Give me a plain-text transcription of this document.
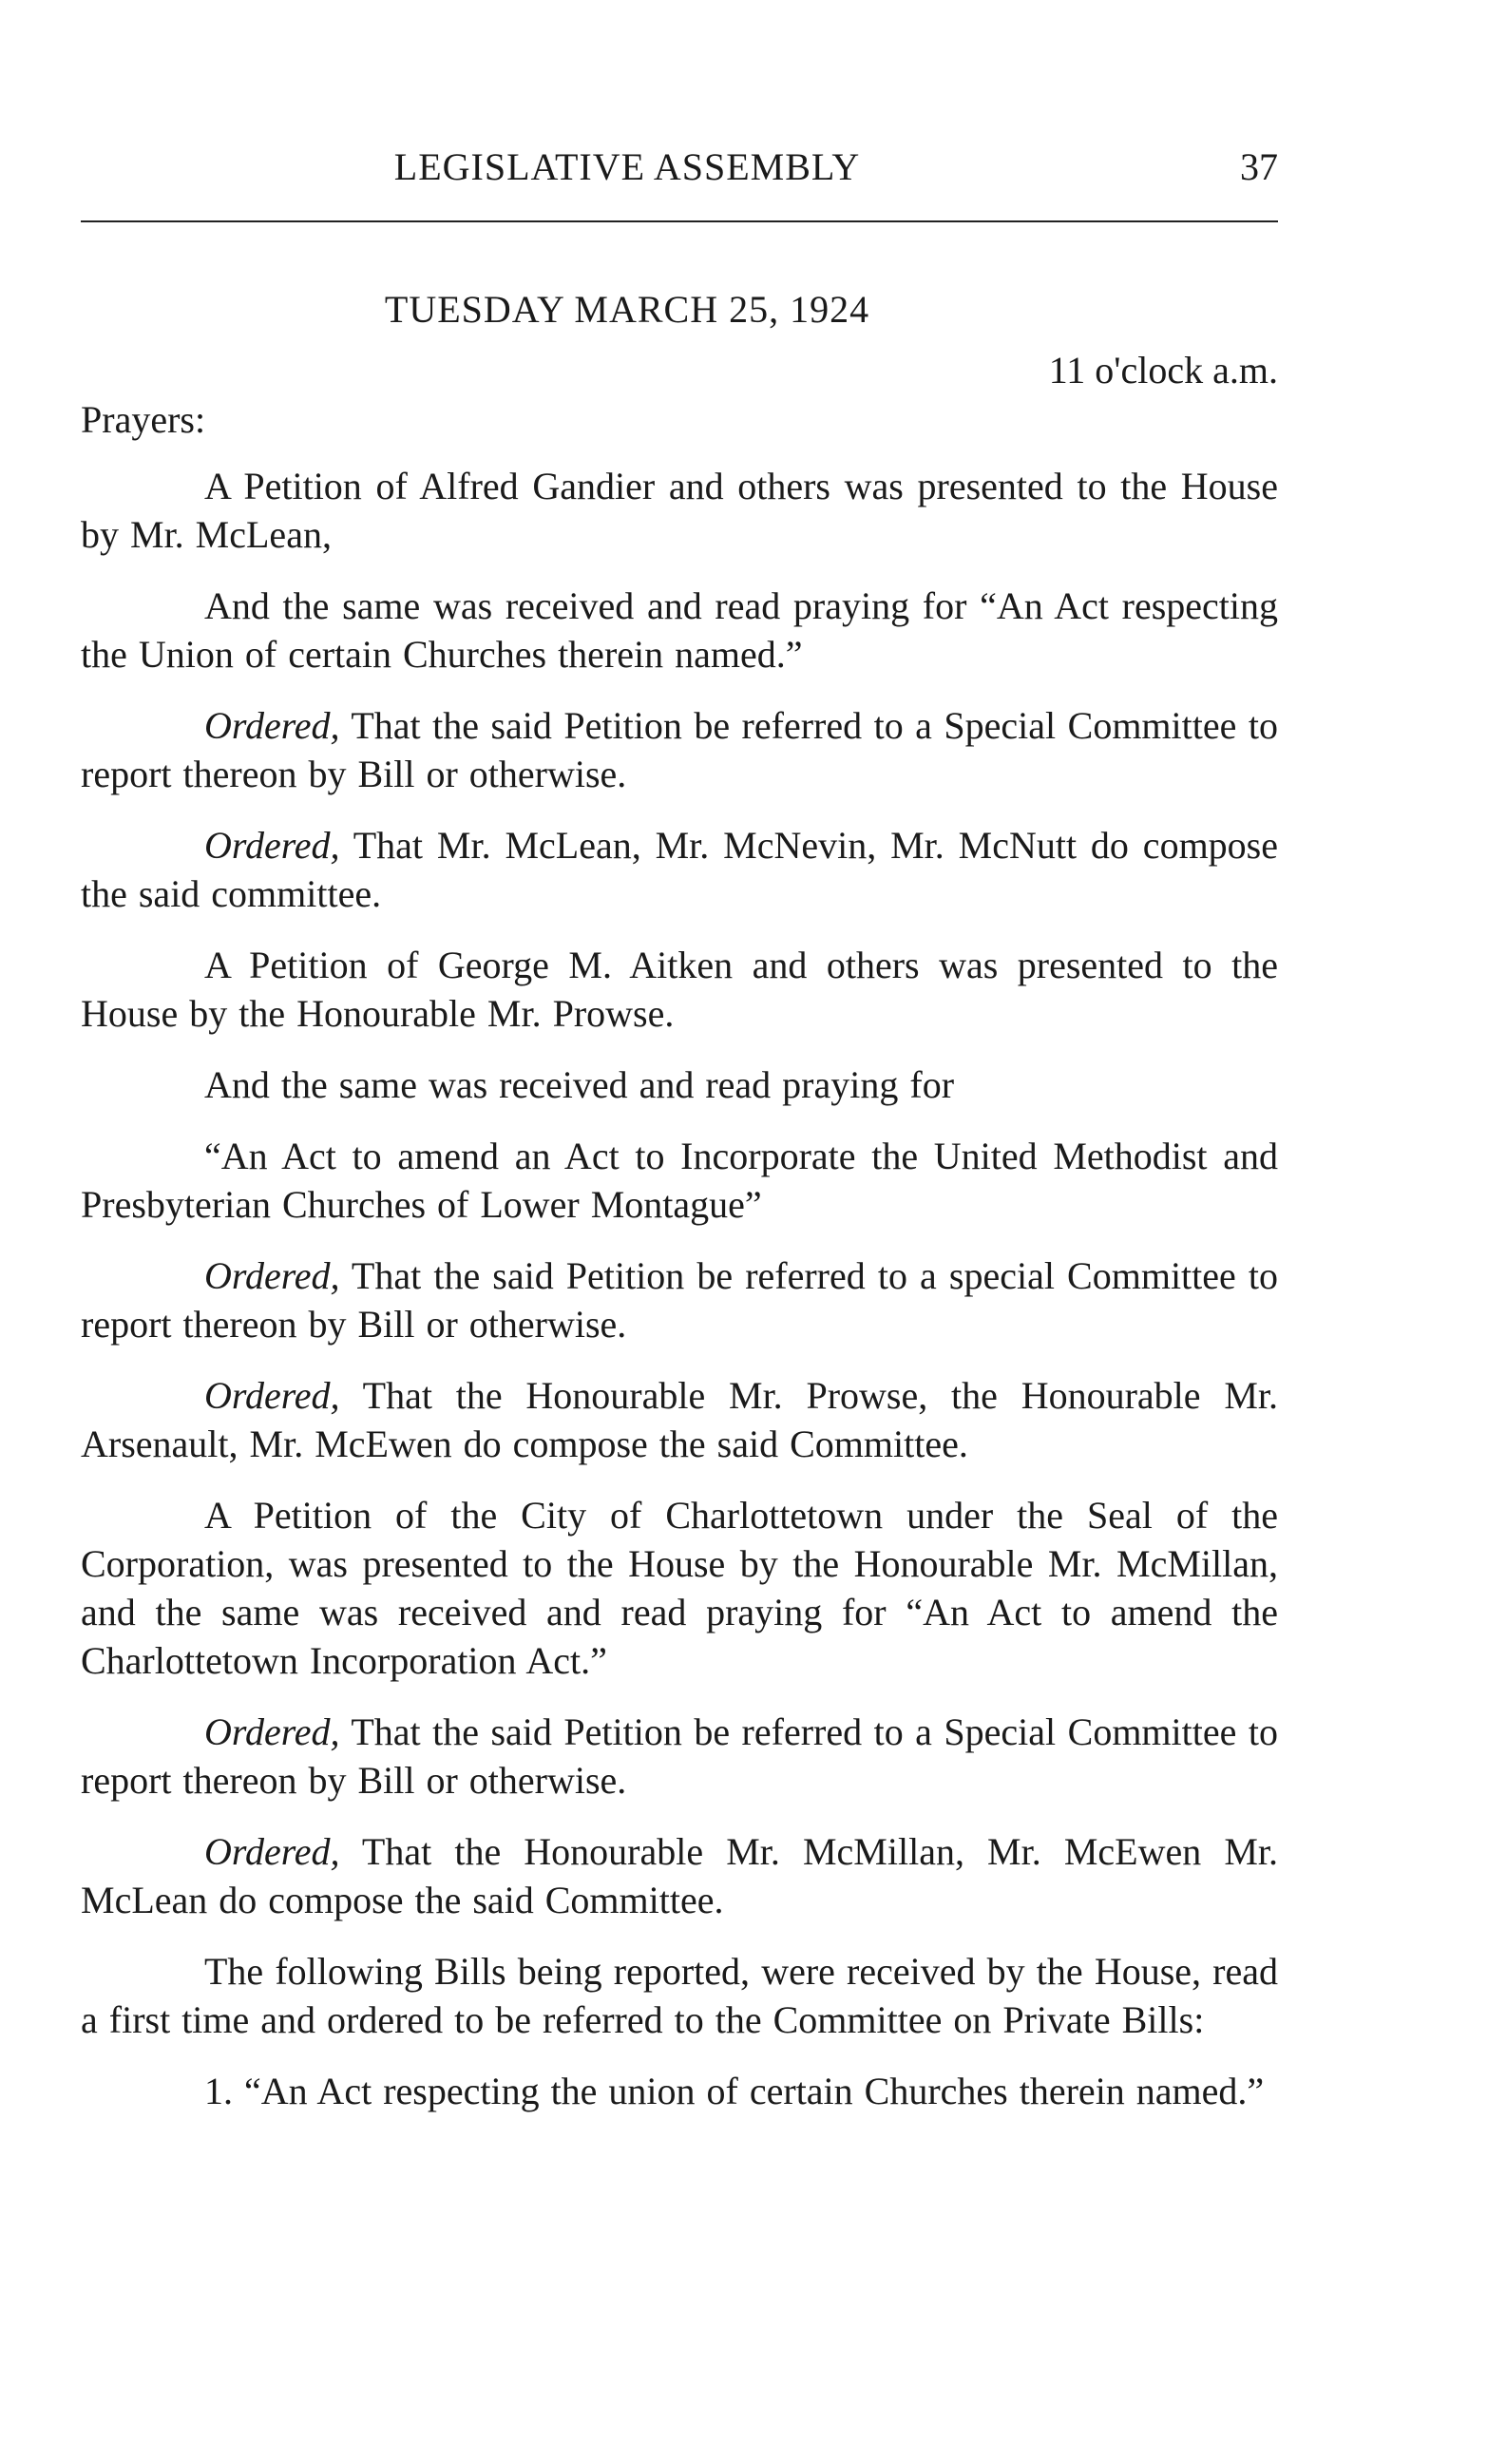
LEGISLATIVE ASSEMBLY	37
TUESDAY MARCH 25, 1924
11 o'clock a.m.
Prayers:

A Petition of Alfred Gandier and others was presented to the House by Mr. McLean,

And the same was received and read praying for “An Act respecting the Union of certain Churches therein named.”

Ordered, That the said Petition be referred to a Special Committee to report thereon by Bill or otherwise.

Ordered, That Mr. McLean, Mr. McNevin, Mr. McNutt do compose the said committee.

A Petition of George M. Aitken and others was presented to the House by the Honourable Mr. Prowse.

And the same was received and read praying for

“An Act to amend an Act to Incorporate the United Methodist and Presbyterian Churches of Lower Montague”

Ordered, That the said Petition be referred to a special Committee to report thereon by Bill or otherwise.

Ordered, That the Honourable Mr. Prowse, the Honourable Mr. Arsenault, Mr. McEwen do compose the said Committee.

A Petition of the City of Charlottetown under the Seal of the Corporation, was presented to the House by the Honourable Mr. McMillan, and the same was received and read praying for “An Act to amend the Charlottetown Incorporation Act.”

Ordered, That the said Petition be referred to a Special Committee to report thereon by Bill or otherwise.

Ordered, That the Honourable Mr. McMillan, Mr. McEwen Mr. McLean do compose the said Committee.

The following Bills being reported, were received by the House, read a first time and ordered to be referred to the Committee on Private Bills:

1. “An Act respecting the union of certain Churches therein named.”
